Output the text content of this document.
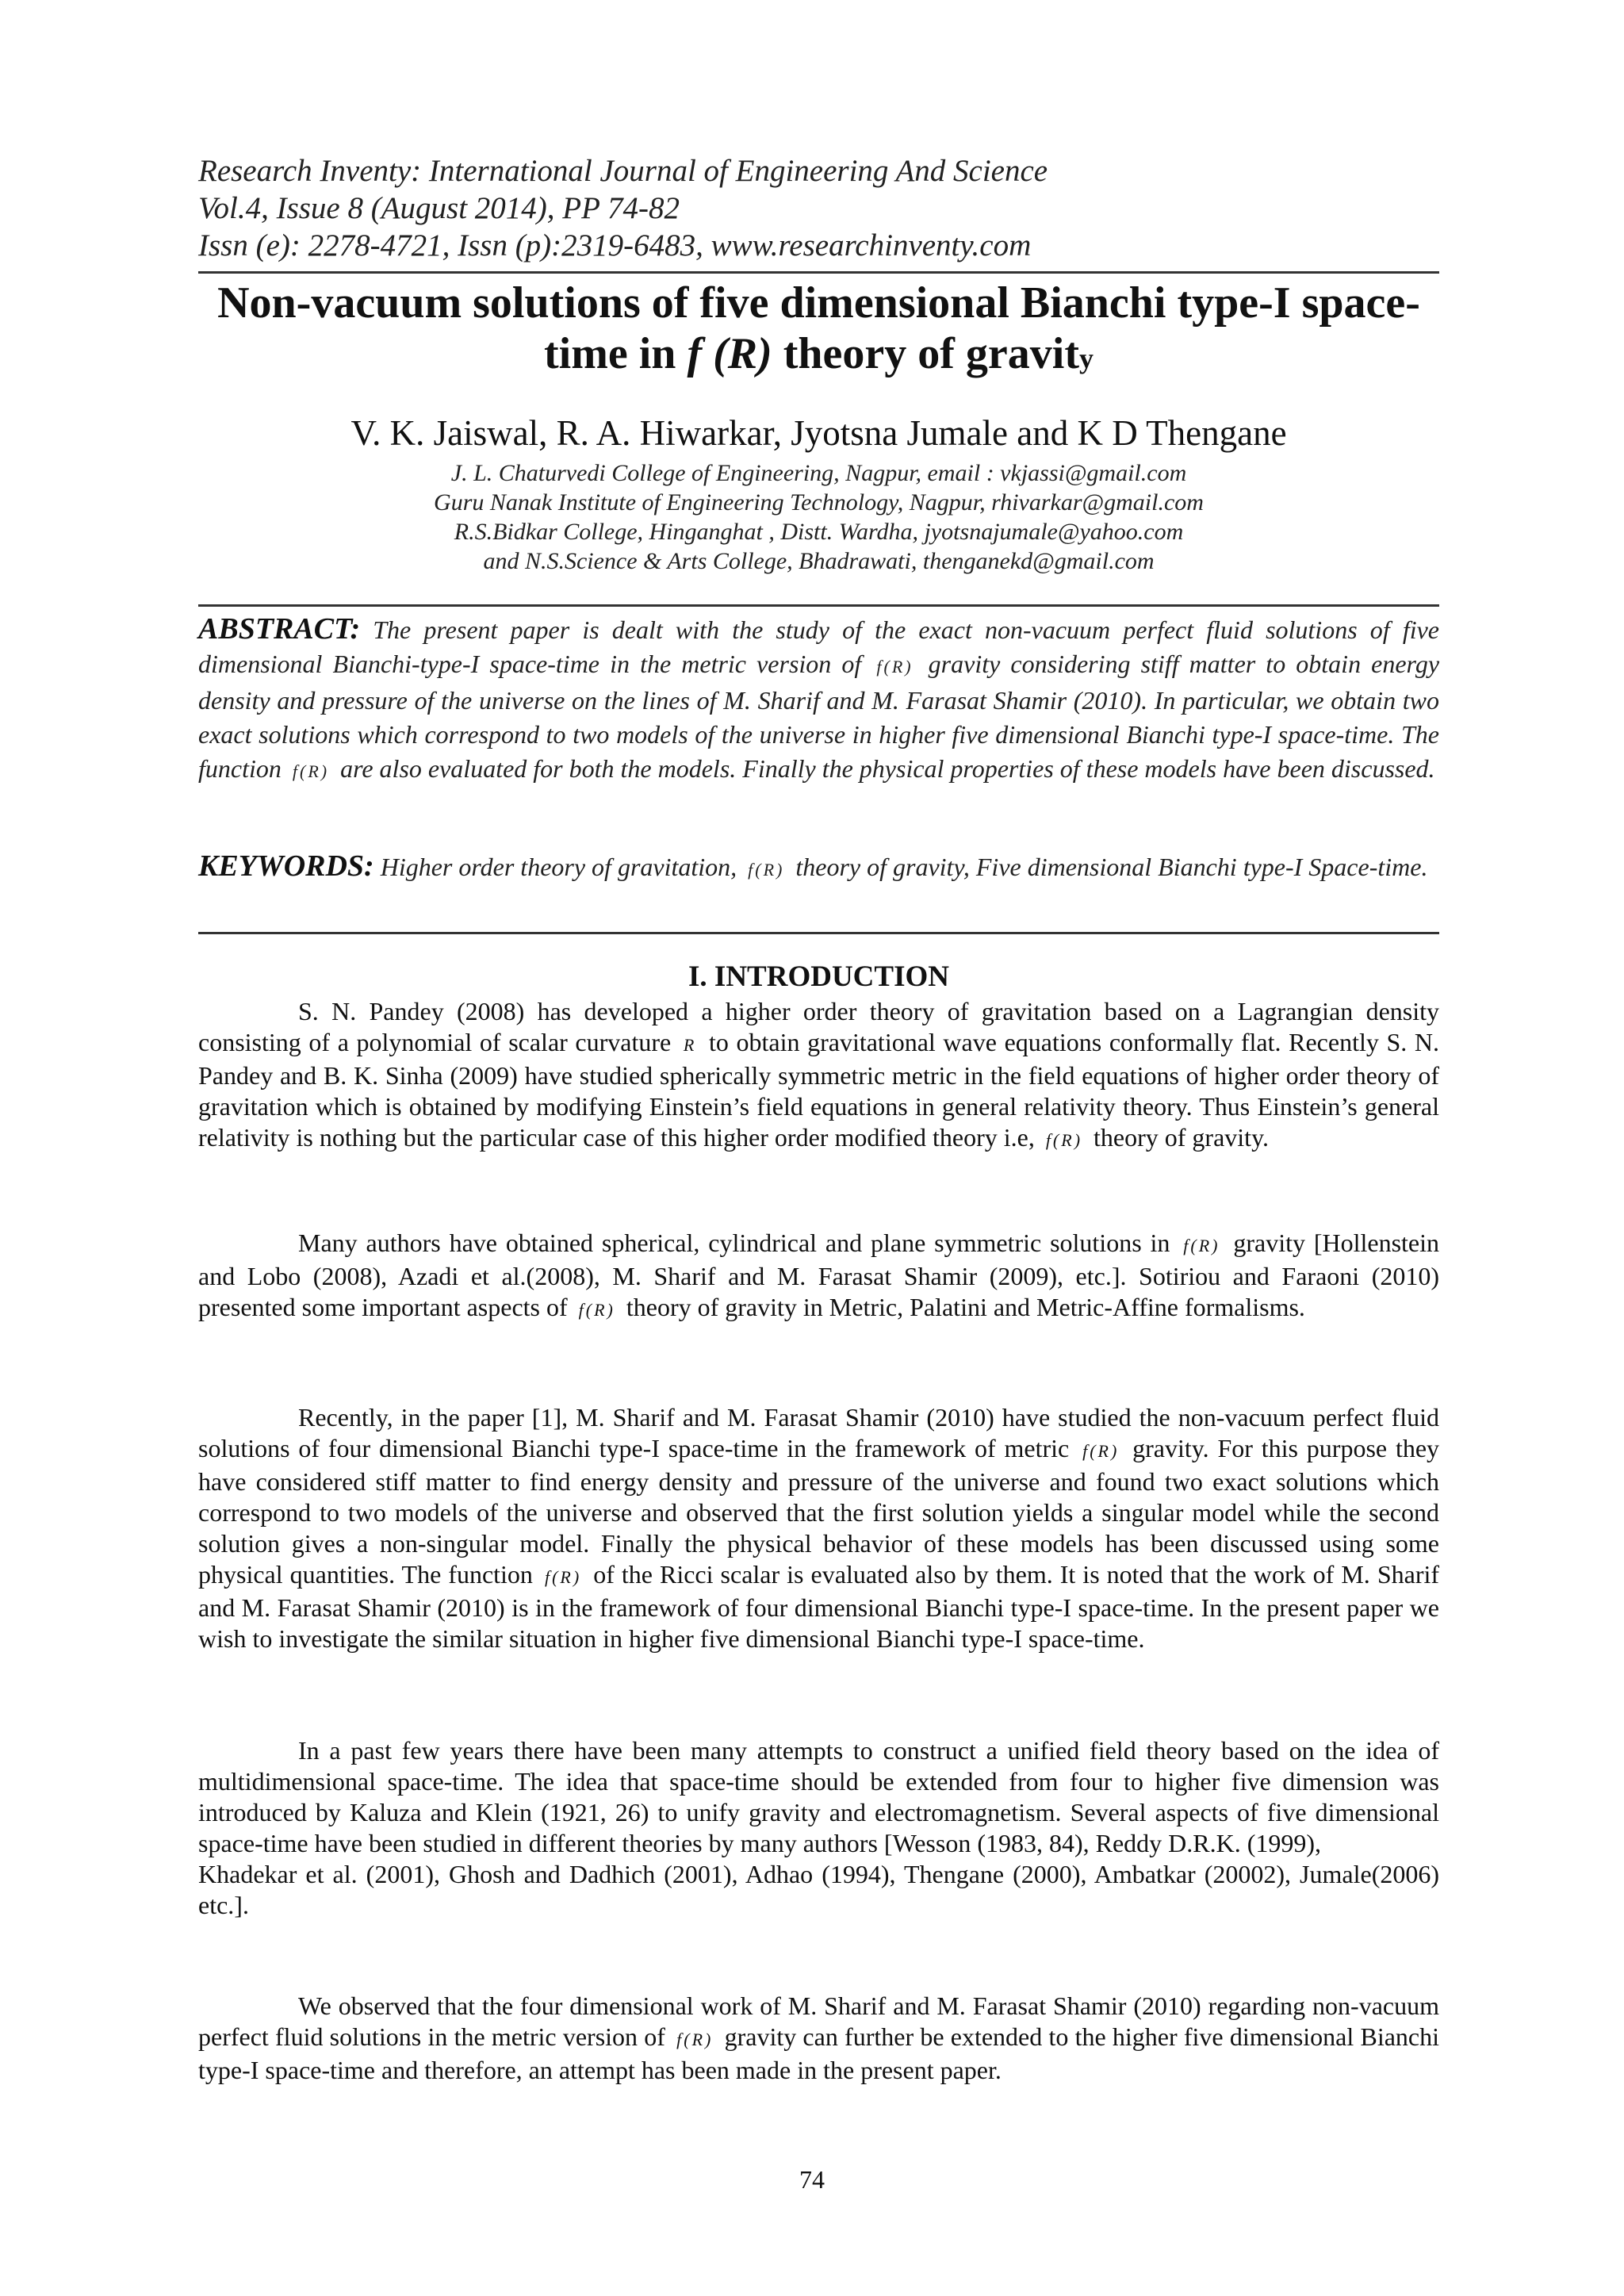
Research Inventy: International Journal of Engineering And Science
Vol.4, Issue 8 (August 2014), PP 74-82
Issn (e): 2278-4721, Issn (p):2319-6483, www.researchinventy.com
Non-vacuum solutions of five dimensional Bianchi type-I space-
time in f (R) theory of gravity
V. K. Jaiswal, R. A. Hiwarkar, Jyotsna Jumale and K D Thengane
J. L. Chaturvedi College of Engineering, Nagpur, email : vkjassi@gmail.com
Guru Nanak Institute of Engineering Technology, Nagpur, rhivarkar@gmail.com
R.S.Bidkar College, Hinganghat , Distt. Wardha, jyotsnajumale@yahoo.com
and N.S.Science & Arts College, Bhadrawati, thenganekd@gmail.com
ABSTRACT: The present paper is dealt with the study of the exact non-vacuum perfect fluid solutions of five dimensional Bianchi-type-I space-time in the metric version of f(R) gravity considering stiff matter to obtain energy density and pressure of the universe on the lines of M. Sharif and M. Farasat Shamir (2010). In particular, we obtain two exact solutions which correspond to two models of the universe in higher five dimensional Bianchi type-I space-time. The function f(R) are also evaluated for both the models. Finally the physical properties of these models have been discussed.
KEYWORDS: Higher order theory of gravitation, f(R) theory of gravity, Five dimensional Bianchi type-I Space-time.
I. INTRODUCTION

S. N. Pandey (2008) has developed a higher order theory of gravitation based on a Lagrangian density consisting of a polynomial of scalar curvature R to obtain gravitational wave equations conformally flat. Recently S. N. Pandey and B. K. Sinha (2009) have studied spherically symmetric metric in the field equations of higher order theory of gravitation which is obtained by modifying Einstein’s field equations in general relativity theory. Thus Einstein’s general relativity is nothing but the particular case of this higher order modified theory i.e, f(R) theory of gravity.

Many authors have obtained spherical, cylindrical and plane symmetric solutions in f(R) gravity [Hollenstein and Lobo (2008), Azadi et al.(2008), M. Sharif and M. Farasat Shamir (2009), etc.]. Sotiriou and Faraoni (2010) presented some important aspects of f(R) theory of gravity in Metric, Palatini and Metric-Affine formalisms.

Recently, in the paper [1], M. Sharif and M. Farasat Shamir (2010) have studied the non-vacuum perfect fluid solutions of four dimensional Bianchi type-I space-time in the framework of metric f(R) gravity. For this purpose they have considered stiff matter to find energy density and pressure of the universe and found two exact solutions which correspond to two models of the universe and observed that the first solution yields a singular model while the second solution gives a non-singular model. Finally the physical behavior of these models has been discussed using some physical quantities. The function f(R) of the Ricci scalar is evaluated also by them. It is noted that the work of M. Sharif and M. Farasat Shamir (2010) is in the framework of four dimensional Bianchi type-I space-time. In the present paper we wish to investigate the similar situation in higher five dimensional Bianchi type-I space-time.

In a past few years there have been many attempts to construct a unified field theory based on the idea of multidimensional space-time. The idea that space-time should be extended from four to higher five dimension was introduced by Kaluza and Klein (1921, 26) to unify gravity and electromagnetism. Several aspects of five dimensional space-time have been studied in different theories by many authors [Wesson (1983, 84), Reddy D.R.K. (1999),

Khadekar et al. (2001), Ghosh and Dadhich (2001), Adhao (1994), Thengane (2000), Ambatkar (20002), Jumale(2006) etc.].

We observed that the four dimensional work of M. Sharif and M. Farasat Shamir (2010) regarding non-vacuum perfect fluid solutions in the metric version of f(R) gravity can further be extended to the higher five dimensional Bianchi type-I space-time and therefore, an attempt has been made in the present paper.

74
